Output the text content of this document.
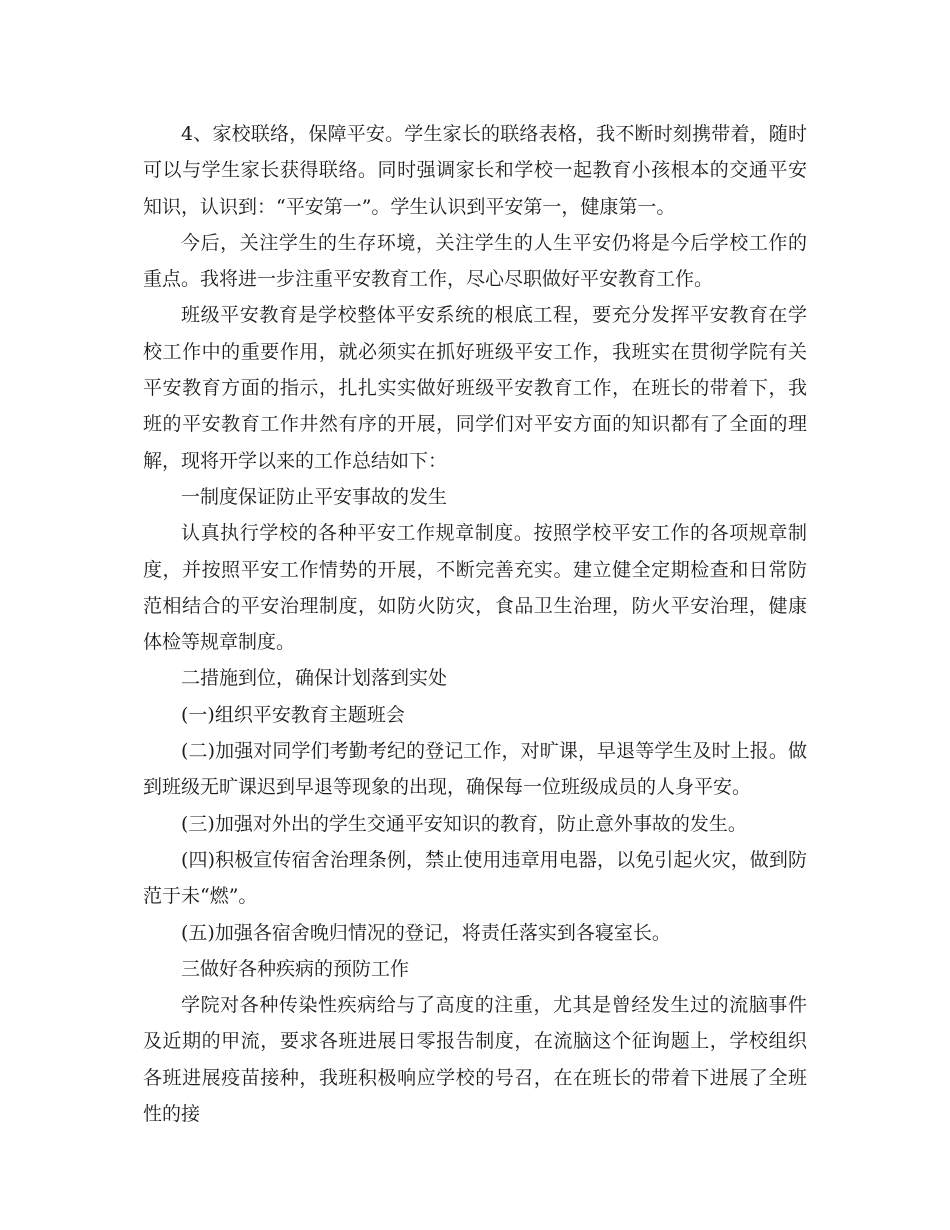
4、家校联络，保障平安。学生家长的联络表格，我不断时刻携带着，随时可以与学生家长获得联络。同时强调家长和学校一起教育小孩根本的交通平安知识，认识到：“平安第一”。学生认识到平安第一，健康第一。

今后，关注学生的生存环境，关注学生的人生平安仍将是今后学校工作的重点。我将进一步注重平安教育工作，尽心尽职做好平安教育工作。

班级平安教育是学校整体平安系统的根底工程，要充分发挥平安教育在学校工作中的重要作用，就必须实在抓好班级平安工作，我班实在贯彻学院有关平安教育方面的指示，扎扎实实做好班级平安教育工作，在班长的带着下，我班的平安教育工作井然有序的开展，同学们对平安方面的知识都有了全面的理解，现将开学以来的工作总结如下：

一制度保证防止平安事故的发生

认真执行学校的各种平安工作规章制度。按照学校平安工作的各项规章制度，并按照平安工作情势的开展，不断完善充实。建立健全定期检查和日常防范相结合的平安治理制度，如防火防灾，食品卫生治理，防火平安治理，健康体检等规章制度。

二措施到位，确保计划落到实处

(一)组织平安教育主题班会

(二)加强对同学们考勤考纪的登记工作，对旷课，早退等学生及时上报。做到班级无旷课迟到早退等现象的出现，确保每一位班级成员的人身平安。

(三)加强对外出的学生交通平安知识的教育，防止意外事故的发生。

(四)积极宣传宿舍治理条例，禁止使用违章用电器，以免引起火灾，做到防范于未“燃”。

(五)加强各宿舍晚归情况的登记，将责任落实到各寝室长。

三做好各种疾病的预防工作

学院对各种传染性疾病给与了高度的注重，尤其是曾经发生过的流脑事件及近期的甲流，要求各班进展日零报告制度，在流脑这个征询题上，学校组织各班进展疫苗接种，我班积极响应学校的号召，在在班长的带着下进展了全班性的接
